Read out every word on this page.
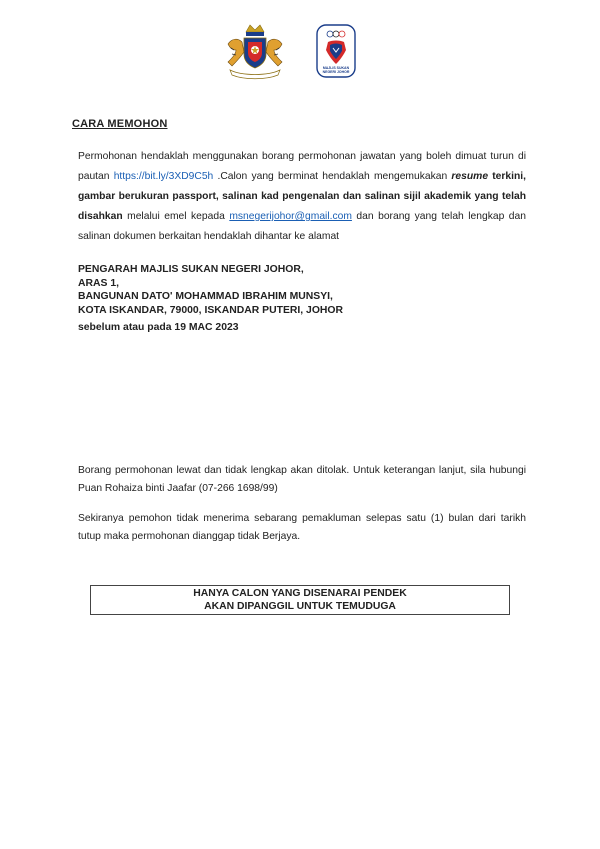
MAJLIS SUKAN NEGERI JOHOR
CARA MEMOHON
Permohonan hendaklah menggunakan borang permohonan jawatan yang boleh dimuat turun di pautan https://bit.ly/3XD9C5h .Calon yang berminat hendaklah mengemukakan resume terkini, gambar berukuran passport, salinan kad pengenalan dan salinan sijil akademik yang telah disahkan melalui emel kepada msnegerijohor@gmail.com dan borang yang telah lengkap dan salinan dokumen berkaitan hendaklah dihantar ke alamat
PENGARAH MAJLIS SUKAN NEGERI JOHOR,
ARAS 1,
BANGUNAN DATO' MOHAMMAD IBRAHIM MUNSYI,
KOTA ISKANDAR, 79000, ISKANDAR PUTERI, JOHOR
sebelum atau pada 19 MAC 2023
Borang permohonan lewat dan tidak lengkap akan ditolak. Untuk keterangan lanjut, sila hubungi Puan Rohaiza binti Jaafar (07-266 1698/99)
Sekiranya pemohon tidak menerima sebarang pemakluman selepas satu (1) bulan dari tarikh tutup maka permohonan dianggap tidak Berjaya.
HANYA CALON YANG DISENARAI PENDEK
AKAN DIPANGGIL UNTUK TEMUDUGA
